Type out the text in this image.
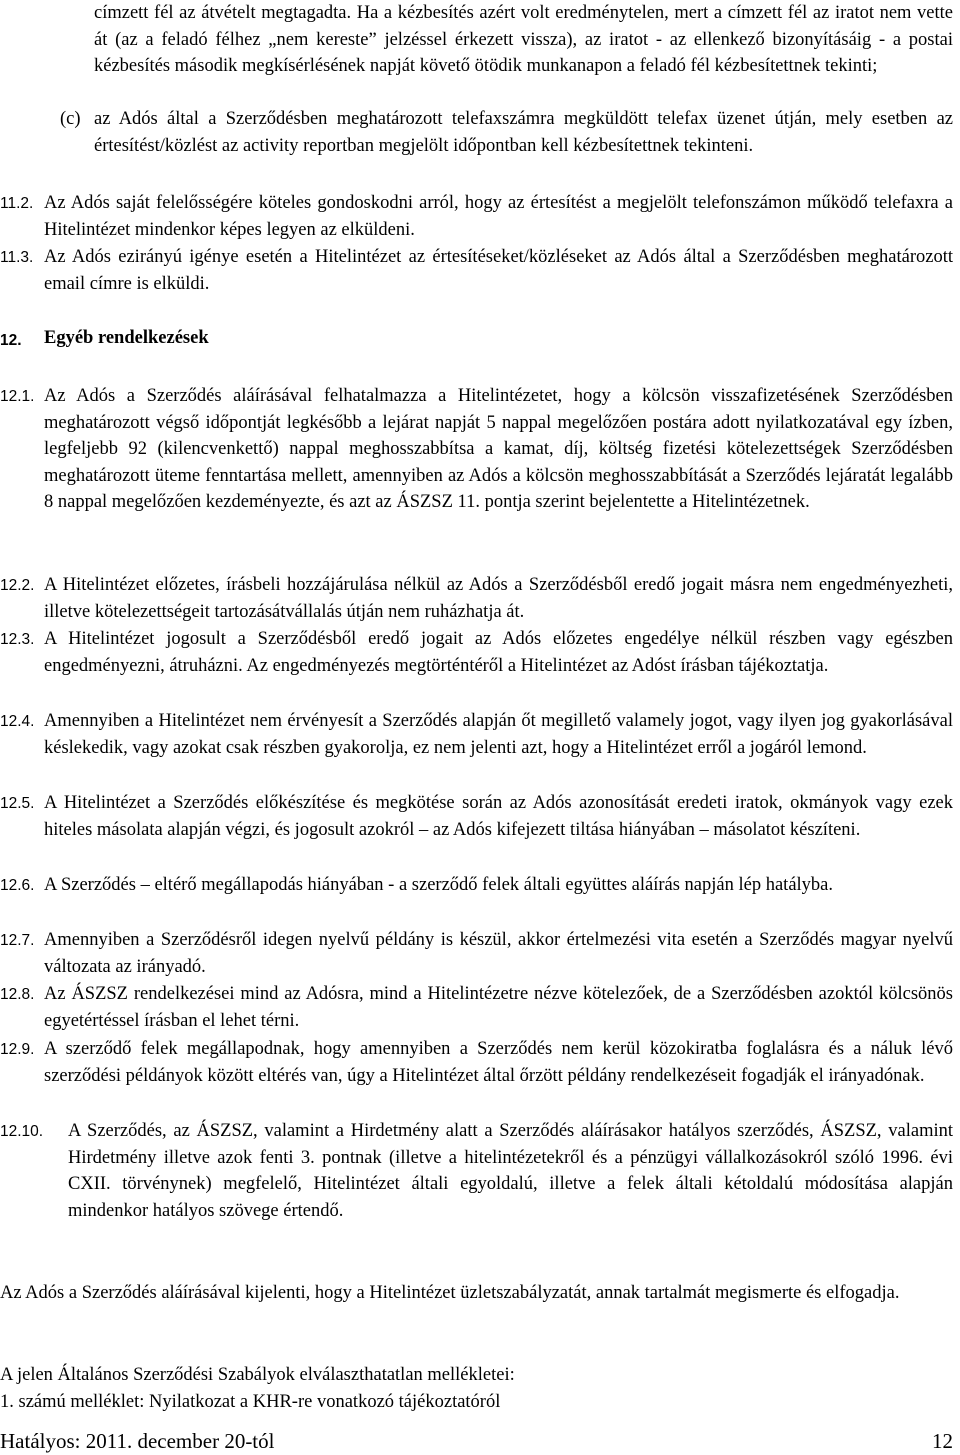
címzett fél az átvételt megtagadta. Ha a kézbesítés azért volt eredménytelen, mert a címzett fél az iratot nem vette át (az a feladó félhez „nem kereste” jelzéssel érkezett vissza), az iratot - az ellenkező bizonyításáig - a postai kézbesítés második megkísérlésének napját követő ötödik munkanapon a feladó fél kézbesítettnek tekinti;
(c) az Adós által a Szerződésben meghatározott telefaxszámra megküldött telefax üzenet útján, mely esetben az értesítést/közlést az activity reportban megjelölt időpontban kell kézbesítettnek tekinteni.
11.2. Az Adós saját felelősségére köteles gondoskodni arról, hogy az értesítést a megjelölt telefonszámon működő telefaxra a Hitelintézet mindenkor képes legyen az elküldeni.
11.3. Az Adós ezirányú igénye esetén a Hitelintézet az értesítéseket/közléseket az Adós által a Szerződésben meghatározott email címre is elküldi.
12. Egyéb rendelkezések
12.1. Az Adós a Szerződés aláírásával felhatalmazza a Hitelintézetet, hogy a kölcsön visszafizetésének Szerződésben meghatározott végső időpontját legkésőbb a lejárat napját 5 nappal megelőzően postára adott nyilatkozatával egy ízben, legfeljebb 92 (kilencvenkettő) nappal meghosszabbítsa a kamat, díj, költség fizetési kötelezettségek Szerződésben meghatározott üteme fenntartása mellett, amennyiben az Adós a kölcsön meghosszabbítását a Szerződés lejáratát legalább 8 nappal megelőzően kezdeményezte, és azt az ÁSZSZ 11. pontja szerint bejelentette a Hitelintézetnek.
12.2. A Hitelintézet előzetes, írásbeli hozzájárulása nélkül az Adós a Szerződésből eredő jogait másra nem engedményezheti, illetve kötelezettségeit tartozásátvállalás útján nem ruházhatja át.
12.3. A Hitelintézet jogosult a Szerződésből eredő jogait az Adós előzetes engedélye nélkül részben vagy egészben engedményezni, átruházni. Az engedményezés megtörténtéről a Hitelintézet az Adóst írásban tájékoztatja.
12.4. Amennyiben a Hitelintézet nem érvényesít a Szerződés alapján őt megillető valamely jogot, vagy ilyen jog gyakorlásával késlekedik, vagy azokat csak részben gyakorolja, ez nem jelenti azt, hogy a Hitelintézet erről a jogáról lemond.
12.5. A Hitelintézet a Szerződés előkészítése és megkötése során az Adós azonosítását eredeti iratok, okmányok vagy ezek hiteles másolata alapján végzi, és jogosult azokról – az Adós kifejezett tiltása hiányában – másolatot készíteni.
12.6. A Szerződés – eltérő megállapodás hiányában - a szerződő felek általi együttes aláírás napján lép hatályba.
12.7. Amennyiben a Szerződésről idegen nyelvű példány is készül, akkor értelmezési vita esetén a Szerződés magyar nyelvű változata az irányadó.
12.8. Az ÁSZSZ rendelkezései mind az Adósra, mind a Hitelintézetre nézve kötelezőek, de a Szerződésben azoktól kölcsönös egyetértéssel írásban el lehet térni.
12.9. A szerződő felek megállapodnak, hogy amennyiben a Szerződés nem kerül közokiratba foglalásra és a náluk lévő szerződési példányok között eltérés van, úgy a Hitelintézet által őrzött példány rendelkezéseit fogadják el irányadónak.
12.10. A Szerződés, az ÁSZSZ, valamint a Hirdetmény alatt a Szerződés aláírásakor hatályos szerződés, ÁSZSZ, valamint Hirdetmény illetve azok fenti 3. pontnak (illetve a hitelintézetekről és a pénzügyi vállalkozásokról szóló 1996. évi CXII. törvénynek) megfelelő, Hitelintézet általi egyoldalú, illetve a felek általi kétoldalú módosítása alapján mindenkor hatályos szövege értendő.
Az Adós a Szerződés aláírásával kijelenti, hogy a Hitelintézet üzletszabályzatát, annak tartalmát megismerte és elfogadja.
A jelen Általános Szerződési Szabályok elválaszthatatlan mellékletei:
1. számú melléklet: Nyilatkozat a KHR-re vonatkozó tájékoztatóról
Hatályos: 2011. december 20-tól	12
